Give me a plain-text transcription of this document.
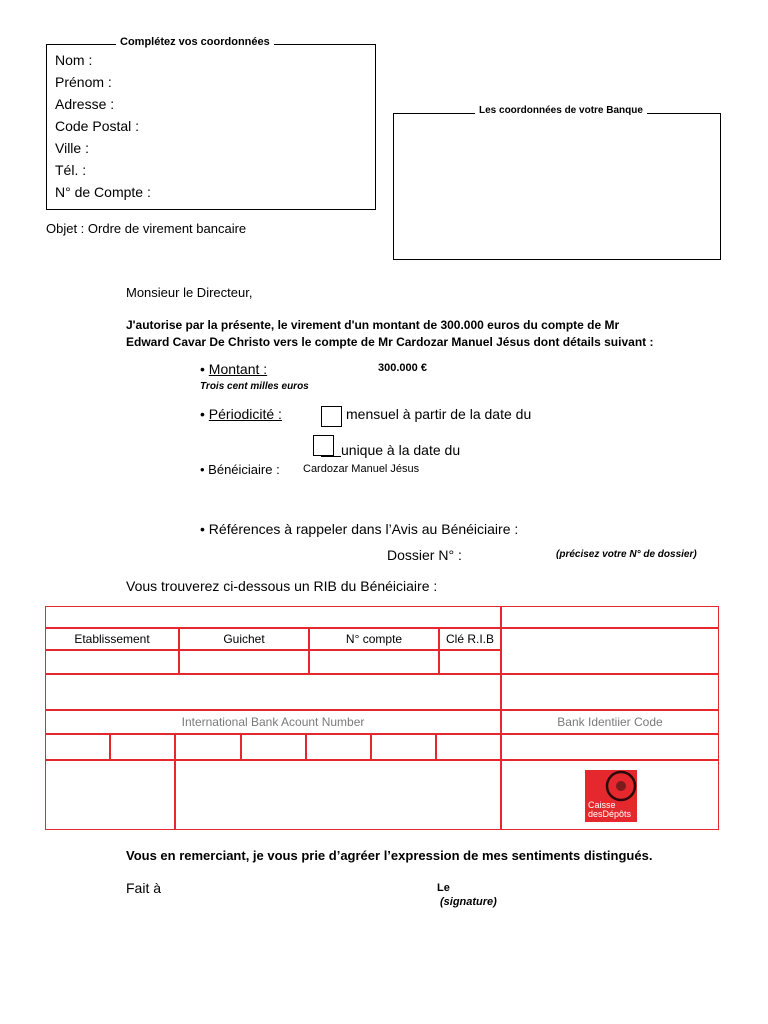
Nom :
Prénom :
Adresse :
Code Postal :
Ville :
Tél. :
N° de Compte :
Complétez vos coordonnées
Les coordonnées de votre Banque
Objet : Ordre de virement bancaire
Monsieur le Directeur,
J'autorise par la présente, le virement d'un montant de 300.000 euros du compte de Mr
Edward Cavar De Christo vers le compte de Mr Cardozar Manuel Jésus dont détails suivant :
• Montant :	300.000 €
Trois cent milles euros
• Périodicité :	mensuel à partir de la date du
unique à la date du
• Bénéiciaire : Cardozar Manuel Jésus
• Références à rappeler dans l’Avis au Bénéiciaire :
Dossier N° :	(précisez votre N° de dossier)
Vous trouverez ci-dessous un RIB du Bénéiciaire :
RIB Identiiant national de compte	Domiciliation
Etablissement	Guichet	N° compte	Clé R.I.B
IBAN Identiiant international de compte
BIC Identiiant international
de l’établissement
International Bank Acount Number	Bank Identiier Code
Titulaire
du compte
Account owner	Caisse
desDépôts
Vous en remerciant, je vous prie d’agréer l’expression de mes sentiments distingués.
Fait à	Le
(signature)
